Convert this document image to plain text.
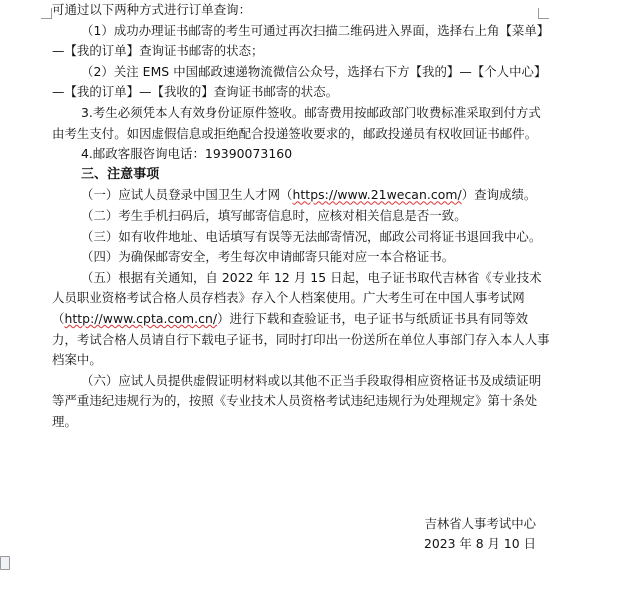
可通过以下两种方式进行订单查询：

（1）成功办理证书邮寄的考生可通过再次扫描二维码进入界面，选择右上角【菜单】—【我的订单】查询证书邮寄的状态；

（2）关注 EMS 中国邮政速递物流微信公众号，选择右下方【我的】—【个人中心】—【我的订单】—【我收的】查询证书邮寄的状态。

3.考生必须凭本人有效身份证原件签收。邮寄费用按邮政部门收费标准采取到付方式由考生支付。如因虚假信息或拒绝配合投递签收要求的，邮政投递员有权收回证书邮件。

4.邮政客服咨询电话：19390073160

三、注意事项

（一）应试人员登录中国卫生人才网（https://www.21wecan.com/）查询成绩。

（二）考生手机扫码后，填写邮寄信息时，应核对相关信息是否一致。

（三）如有收件地址、电话填写有误等无法邮寄情况，邮政公司将证书退回我中心。

（四）为确保邮寄安全，考生每次申请邮寄只能对应一本合格证书。

（五）根据有关通知，自 2022 年 12 月 15 日起，电子证书取代吉林省《专业技术人员职业资格考试合格人员存档表》存入个人档案使用。广大考生可在中国人事考试网（http://www.cpta.com.cn/）进行下载和查验证书，电子证书与纸质证书具有同等效力，考试合格人员请自行下载电子证书，同时打印出一份送所在单位人事部门存入本人人事档案中。

（六）应试人员提供虚假证明材料或以其他不正当手段取得相应资格证书及成绩证明等严重违纪违规行为的，按照《专业技术人员资格考试违纪违规行为处理规定》第十条处理。

吉林省人事考试中心
2023 年 8 月 10 日
